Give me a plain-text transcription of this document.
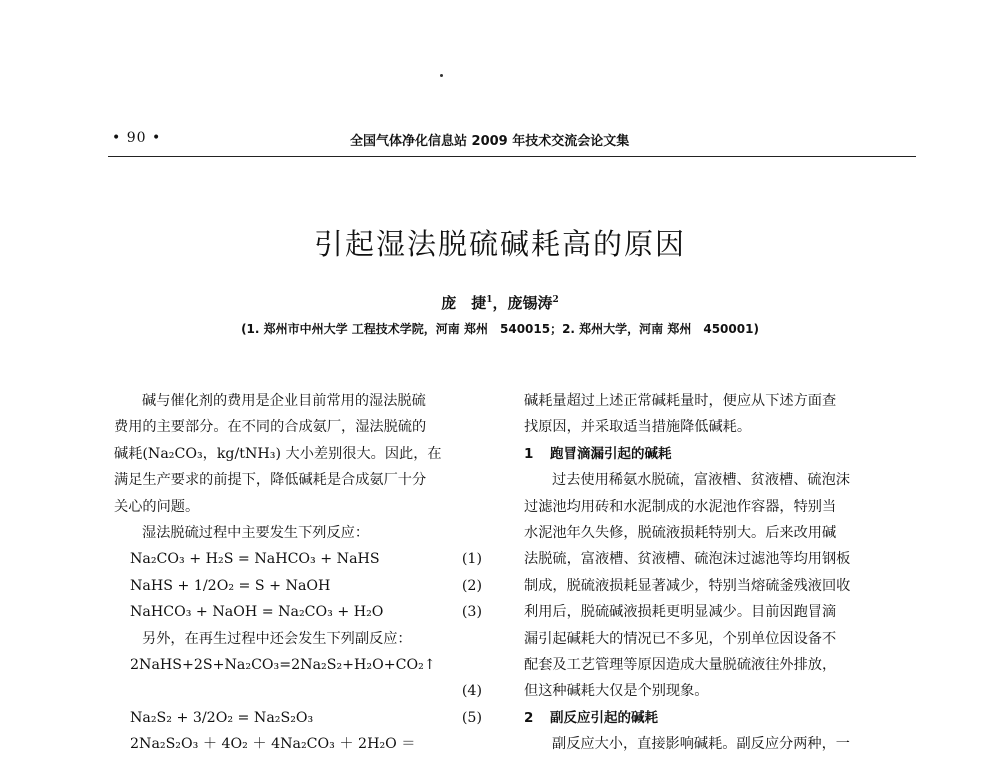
• 90 •	全国气体净化信息站 2009 年技术交流会论文集
引起湿法脱硫碱耗高的原因
庞　捷$^1$，庞锡涛$^2$
(1. 郑州市中州大学 工程技术学院，河南 郑州　540015；2. 郑州大学，河南 郑州　450001)

碱与催化剂的费用是企业目前常用的湿法脱硫

费用的主要部分。在不同的合成氨厂，湿法脱硫的

碱耗(Na₂CO₃，kg/tNH₃) 大小差别很大。因此，在

满足生产要求的前提下，降低碱耗是合成氨厂十分

关心的问题。

湿法脱硫过程中主要发生下列反应：

Na₂CO₃ + H₂S = NaHCO₃ + NaHS	(1)

NaHS + 1/2O₂ = S + NaOH	(2)

NaHCO₃ + NaOH = Na₂CO₃ + H₂O	(3)

另外，在再生过程中还会发生下列副反应：

2NaHS+2S+Na₂CO₃=2Na₂S₂+H₂O+CO₂↑

(4)

Na₂S₂ + 3/2O₂ = Na₂S₂O₃	(5)

2Na₂S₂O₃ ＋ 4O₂ ＋ 4Na₂CO₃ ＋ 2H₂O ＝

碱耗量超过上述正常碱耗量时，便应从下述方面查

找原因，并采取适当措施降低碱耗。

1 跑冒滴漏引起的碱耗

过去使用稀氨水脱硫，富液槽、贫液槽、硫泡沫

过滤池均用砖和水泥制成的水泥池作容器，特别当

水泥池年久失修，脱硫液损耗特别大。后来改用碱

法脱硫，富液槽、贫液槽、硫泡沫过滤池等均用钢板

制成，脱硫液损耗显著减少，特别当熔硫釜残液回收

利用后，脱硫碱液损耗更明显减少。目前因跑冒滴

漏引起碱耗大的情况已不多见，个别单位因设备不

配套及工艺管理等原因造成大量脱硫液往外排放，

但这种碱耗大仅是个别现象。

2 副反应引起的碱耗

副反应大小，直接影响碱耗。副反应分两种，一
